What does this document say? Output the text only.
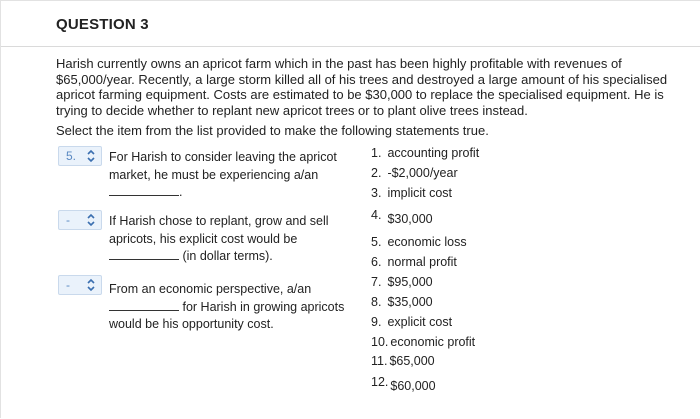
QUESTION 3
Harish currently owns an apricot farm which in the past has been highly profitable with revenues of $65,000/year. Recently, a large storm killed all of his trees and destroyed a large amount of his specialised apricot farming equipment. Costs are estimated to be $30,000 to replace the specialised equipment. He is trying to decide whether to replant new apricot trees or to plant olive trees instead.
Select the item from the list provided to make the following statements true.
5.	For Harish to consider leaving the apricot
market, he must be experiencing a/an
.
-	If Harish chose to replant, grow and sell
apricots, his explicit cost would be
(in dollar terms).
-	From an economic perspective, a/an
for Harish in growing apricots
would be his opportunity cost.
1. accounting profit
2. -$2,000/year
3. implicit cost
4. $30,000
5. economic loss
6. normal profit
7. $95,000
8. $35,000
9. explicit cost
10. economic profit
11. $65,000
12. $60,000
